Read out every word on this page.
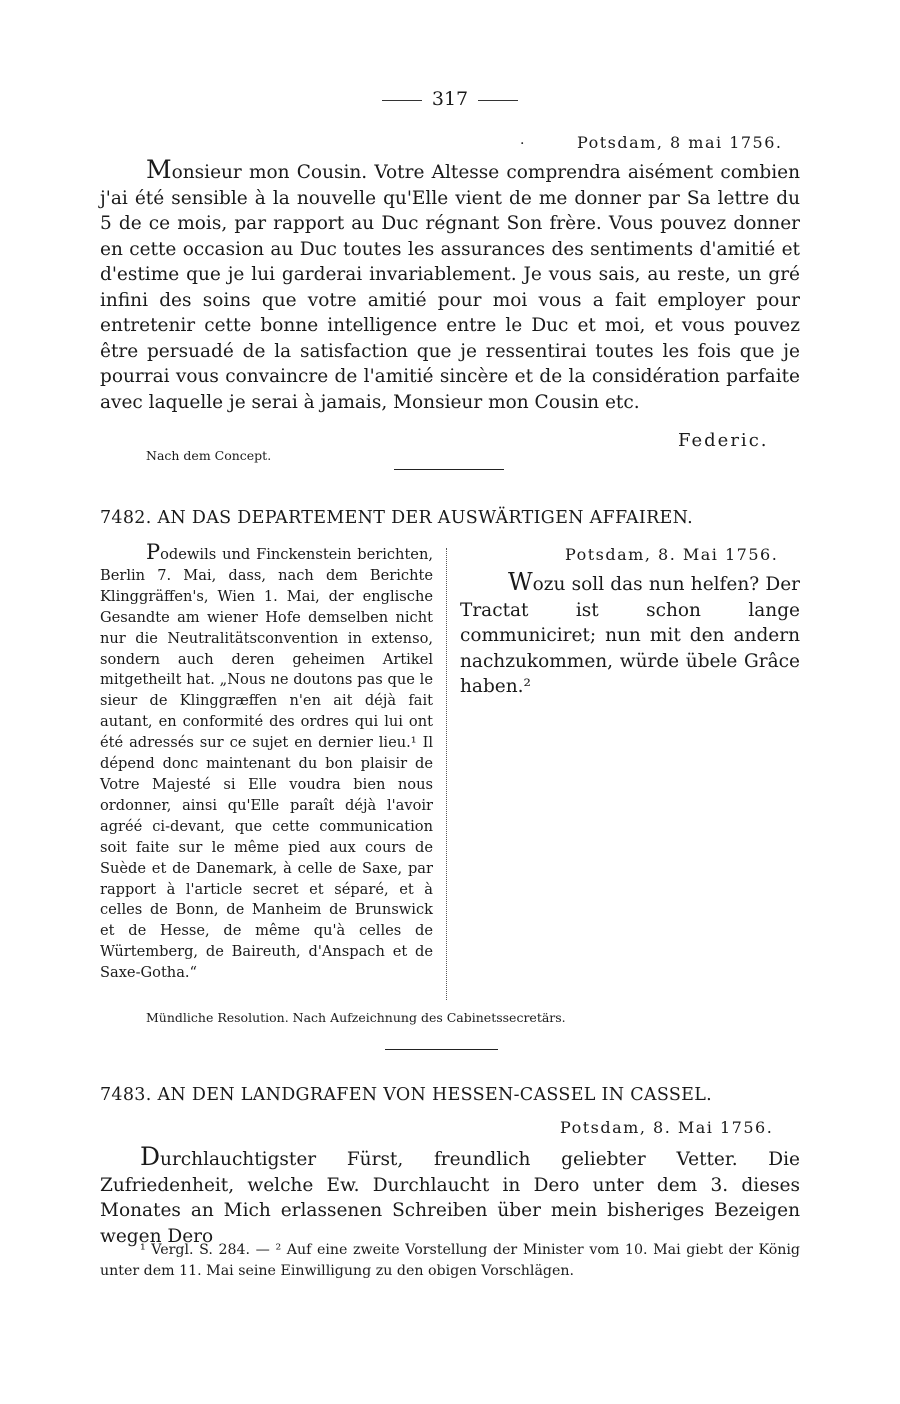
317
·	Potsdam, 8 mai 1756.
Monsieur mon Cousin. Votre Altesse comprendra aisément combien j'ai été sensible à la nouvelle qu'Elle vient de me donner par Sa lettre du 5 de ce mois, par rapport au Duc régnant Son frère. Vous pouvez donner en cette occasion au Duc toutes les assurances des sentiments d'amitié et d'estime que je lui garderai invariablement. Je vous sais, au reste, un gré infini des soins que votre amitié pour moi vous a fait employer pour entretenir cette bonne intelligence entre le Duc et moi, et vous pouvez être persuadé de la satisfaction que je ressentirai toutes les fois que je pourrai vous convaincre de l'amitié sincère et de la considération parfaite avec laquelle je serai à jamais, Monsieur mon Cousin etc.
Federic.
Nach dem Concept.
7482. AN DAS DEPARTEMENT DER AUSWÄRTIGEN AFFAIREN.
Podewils und Finckenstein berichten, Berlin 7. Mai, dass, nach dem Berichte Klinggräffen's, Wien 1. Mai, der englische Gesandte am wiener Hofe demselben nicht nur die Neutralitätsconvention in extenso, sondern auch deren geheimen Artikel mitgetheilt hat. „Nous ne doutons pas que le sieur de Klinggræffen n'en ait déjà fait autant, en conformité des ordres qui lui ont été adressés sur ce sujet en dernier lieu.¹ Il dépend donc maintenant du bon plaisir de Votre Majesté si Elle voudra bien nous ordonner, ainsi qu'Elle paraît déjà l'avoir agréé ci-devant, que cette communication soit faite sur le même pied aux cours de Suède et de Danemark, à celle de Saxe, par rapport à l'article secret et séparé, et à celles de Bonn, de Manheim de Brunswick et de Hesse, de même qu'à celles de Würtemberg, de Baireuth, d'Anspach et de Saxe-Gotha.“
Potsdam, 8. Mai 1756.
Wozu soll das nun helfen? Der Tractat ist schon lange communiciret; nun mit den andern nachzukommen, würde übele Grâce haben.²
Mündliche Resolution. Nach Aufzeichnung des Cabinetssecretärs.
7483. AN DEN LANDGRAFEN VON HESSEN-CASSEL IN CASSEL.
Potsdam, 8. Mai 1756.
Durchlauchtigster Fürst, freundlich geliebter Vetter. Die Zufriedenheit, welche Ew. Durchlaucht in Dero unter dem 3. dieses Monates an Mich erlassenen Schreiben über mein bisheriges Bezeigen wegen Dero
¹ Vergl. S. 284. — ² Auf eine zweite Vorstellung der Minister vom 10. Mai giebt der König unter dem 11. Mai seine Einwilligung zu den obigen Vorschlägen.
